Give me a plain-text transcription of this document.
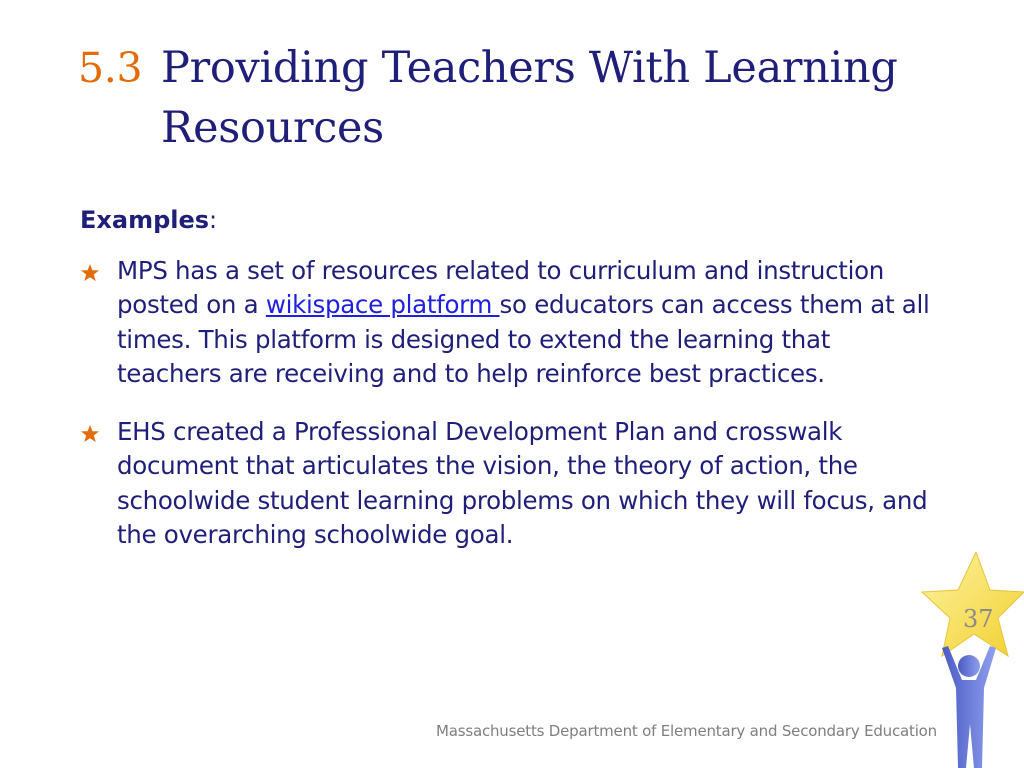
5.3 Providing Teachers With Learning Resources
Examples:
MPS has a set of resources related to curriculum and instruction posted on a wikispace platform so educators can access them at all times. This platform is designed to extend the learning that teachers are receiving and to help reinforce best practices.
EHS created a Professional Development Plan and crosswalk document that articulates the vision, the theory of action, the schoolwide student learning problems on which they will focus, and the overarching schoolwide goal.
37
Massachusetts Department of Elementary and Secondary Education
